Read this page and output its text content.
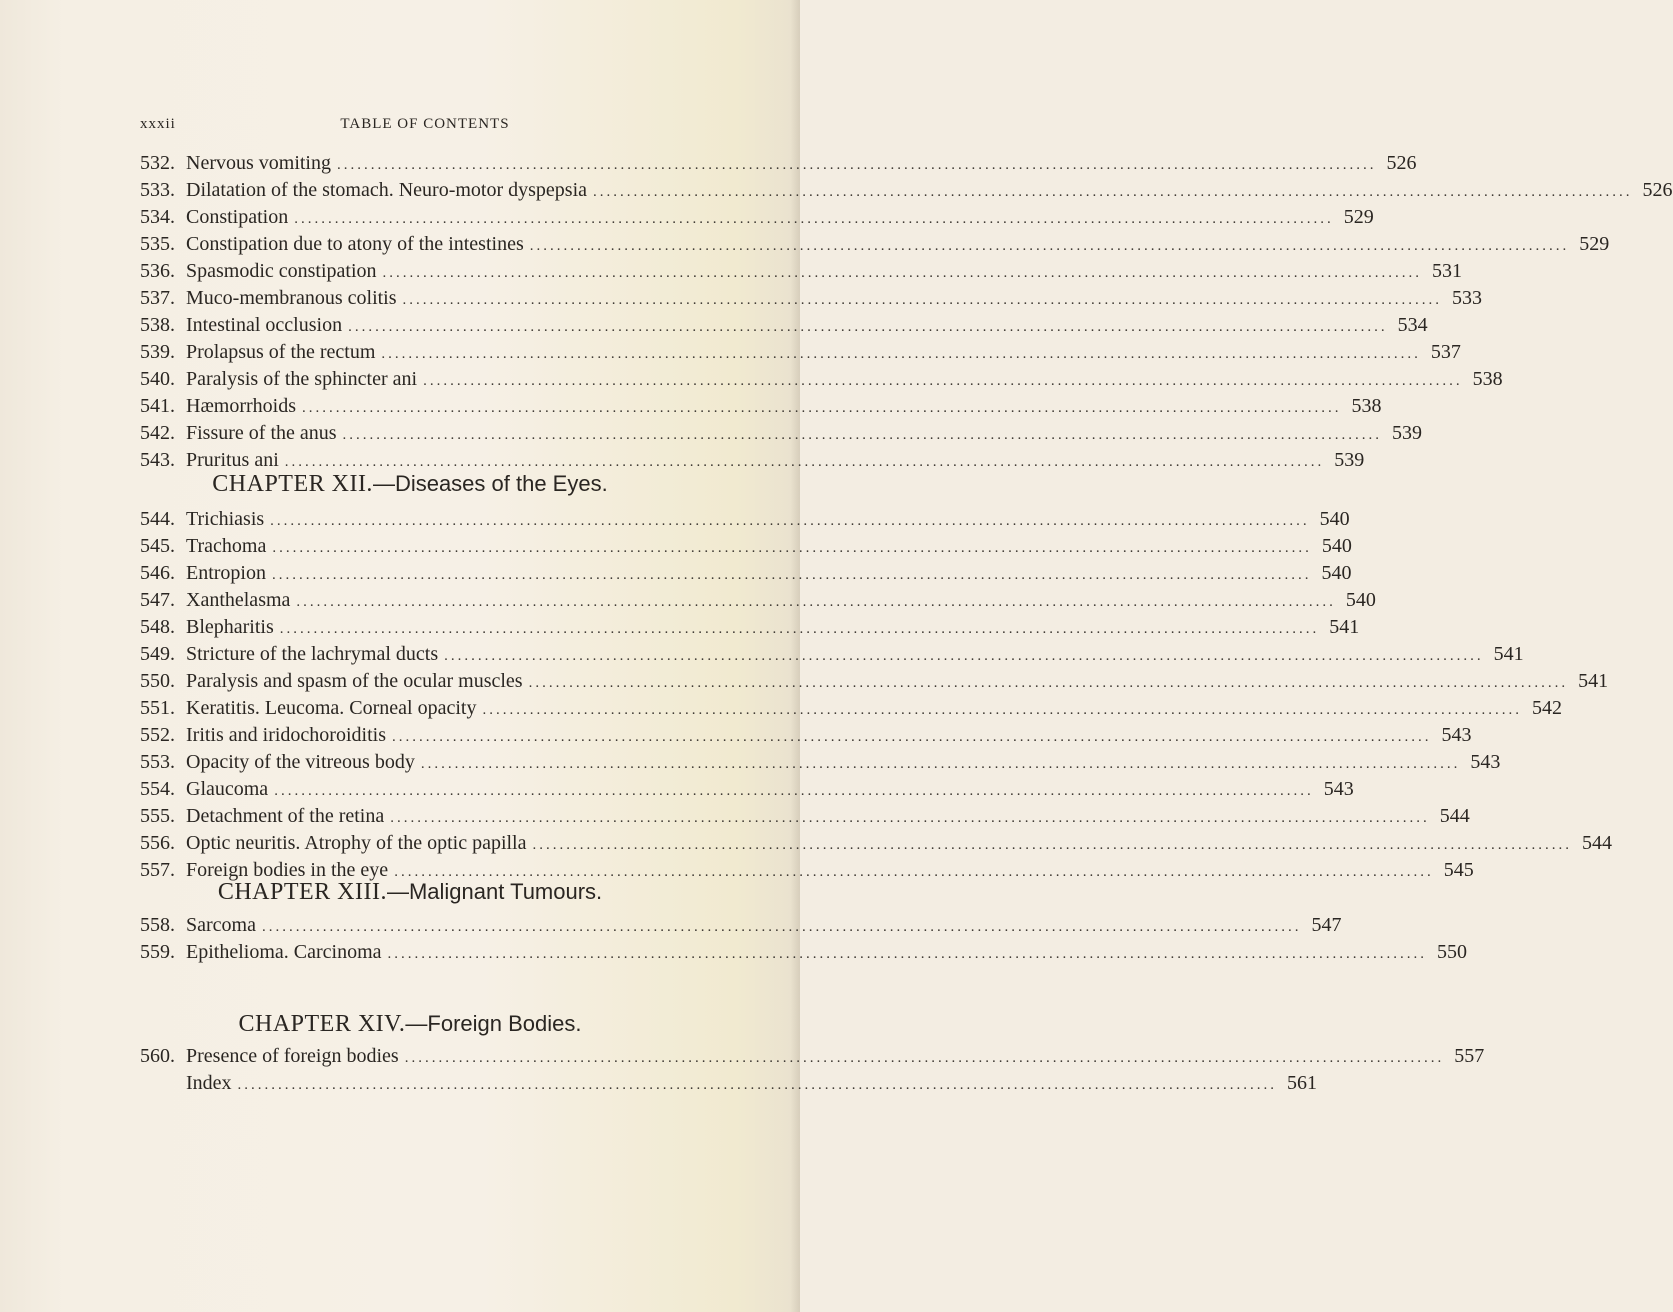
xxxii	TABLE OF CONTENTS
532. Nervous vomiting .....	526
533. Dilatation of the stomach. Neuro-motor dyspepsia .....	526
534. Constipation .....	529
535. Constipation due to atony of the intestines .....	529
536. Spasmodic constipation .....	531
537. Muco-membranous colitis .....	533
538. Intestinal occlusion .....	534
539. Prolapsus of the rectum .....	537
540. Paralysis of the sphincter ani .....	538
541. Hæmorrhoids .....	538
542. Fissure of the anus .....	539
543. Pruritus ani .....	539
CHAPTER XII.—Diseases of the Eyes.
544. Trichiasis .....	540
545. Trachoma .....	540
546. Entropion .....	540
547. Xanthelasma .....	540
548. Blepharitis .....	541
549. Stricture of the lachrymal ducts .....	541
550. Paralysis and spasm of the ocular muscles .....	541
551. Keratitis. Leucoma. Corneal opacity .....	542
552. Iritis and iridochoroiditis .....	543
553. Opacity of the vitreous body .....	543
554. Glaucoma .....	543
555. Detachment of the retina .....	544
556. Optic neuritis. Atrophy of the optic papilla .....	544
557. Foreign bodies in the eye .....	545
CHAPTER XIII.—Malignant Tumours.
558. Sarcoma .....	547
559. Epithelioma. Carcinoma .....	550
CHAPTER XIV.—Foreign Bodies.
560. Presence of foreign bodies .....	557
Index .....	561
